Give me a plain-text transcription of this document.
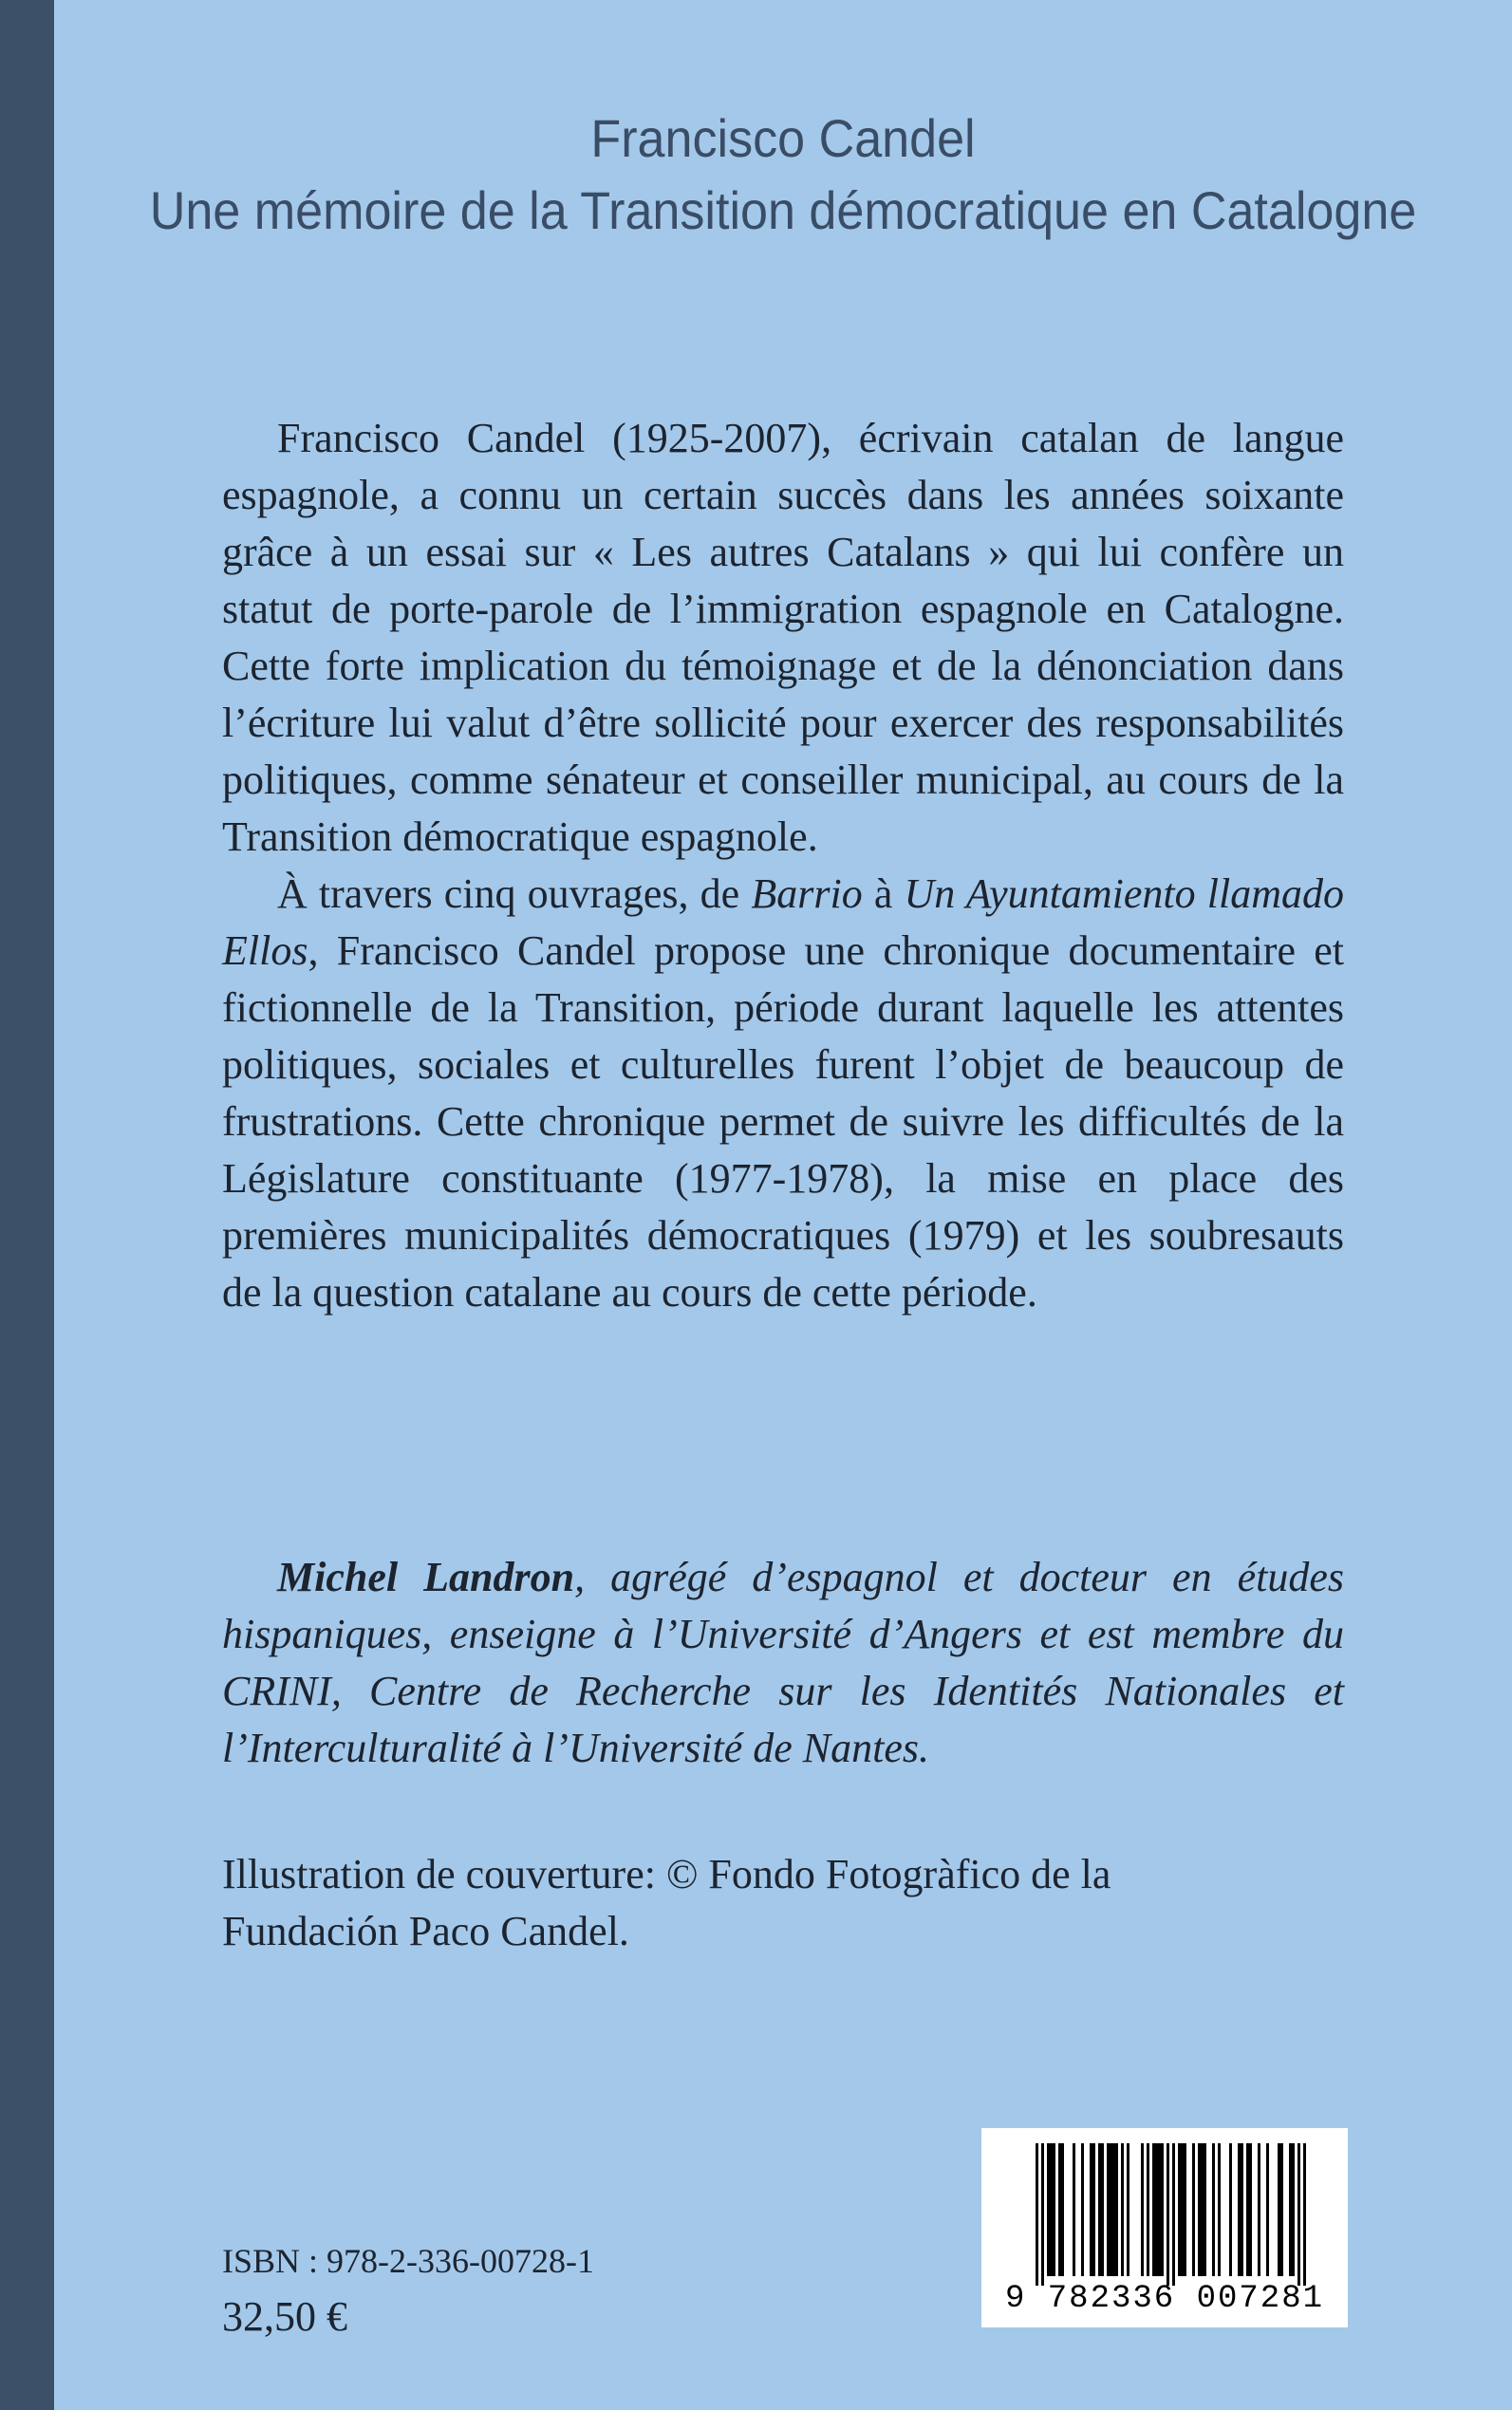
Francisco Candel
Une mémoire de la Transition démocratique en Catalogne

Francisco Candel (1925-2007), écrivain catalan de langue espagnole, a connu un certain succès dans les années soixante grâce à un essai sur « Les autres Catalans » qui lui confère un statut de porte-parole de l’immigration espagnole en Catalogne. Cette forte implication du témoignage et de la dénonciation dans l’écriture lui valut d’être sollicité pour exercer des responsabilités politiques, comme sénateur et conseiller municipal, au cours de la Transition démocratique espagnole.

À travers cinq ouvrages, de Barrio à Un Ayuntamiento llamado Ellos, Francisco Candel propose une chronique documentaire et fictionnelle de la Transition, période durant laquelle les attentes politiques, sociales et culturelles furent l’objet de beaucoup de frustrations. Cette chronique permet de suivre les difficultés de la Législature constituante (1977-1978), la mise en place des premières municipalités démocratiques (1979) et les soubresauts de la question catalane au cours de cette période.

Michel Landron, agrégé d’espagnol et docteur en études hispaniques, enseigne à l’Université d’Angers et est membre du CRINI, Centre de Recherche sur les Identités Nationales et l’Interculturalité à l’Université de Nantes.
Illustration de couverture: © Fondo Fotogràfico de la
Fundación Paco Candel.
ISBN : 978-2-336-00728-1
32,50 €	9 782336 007281
